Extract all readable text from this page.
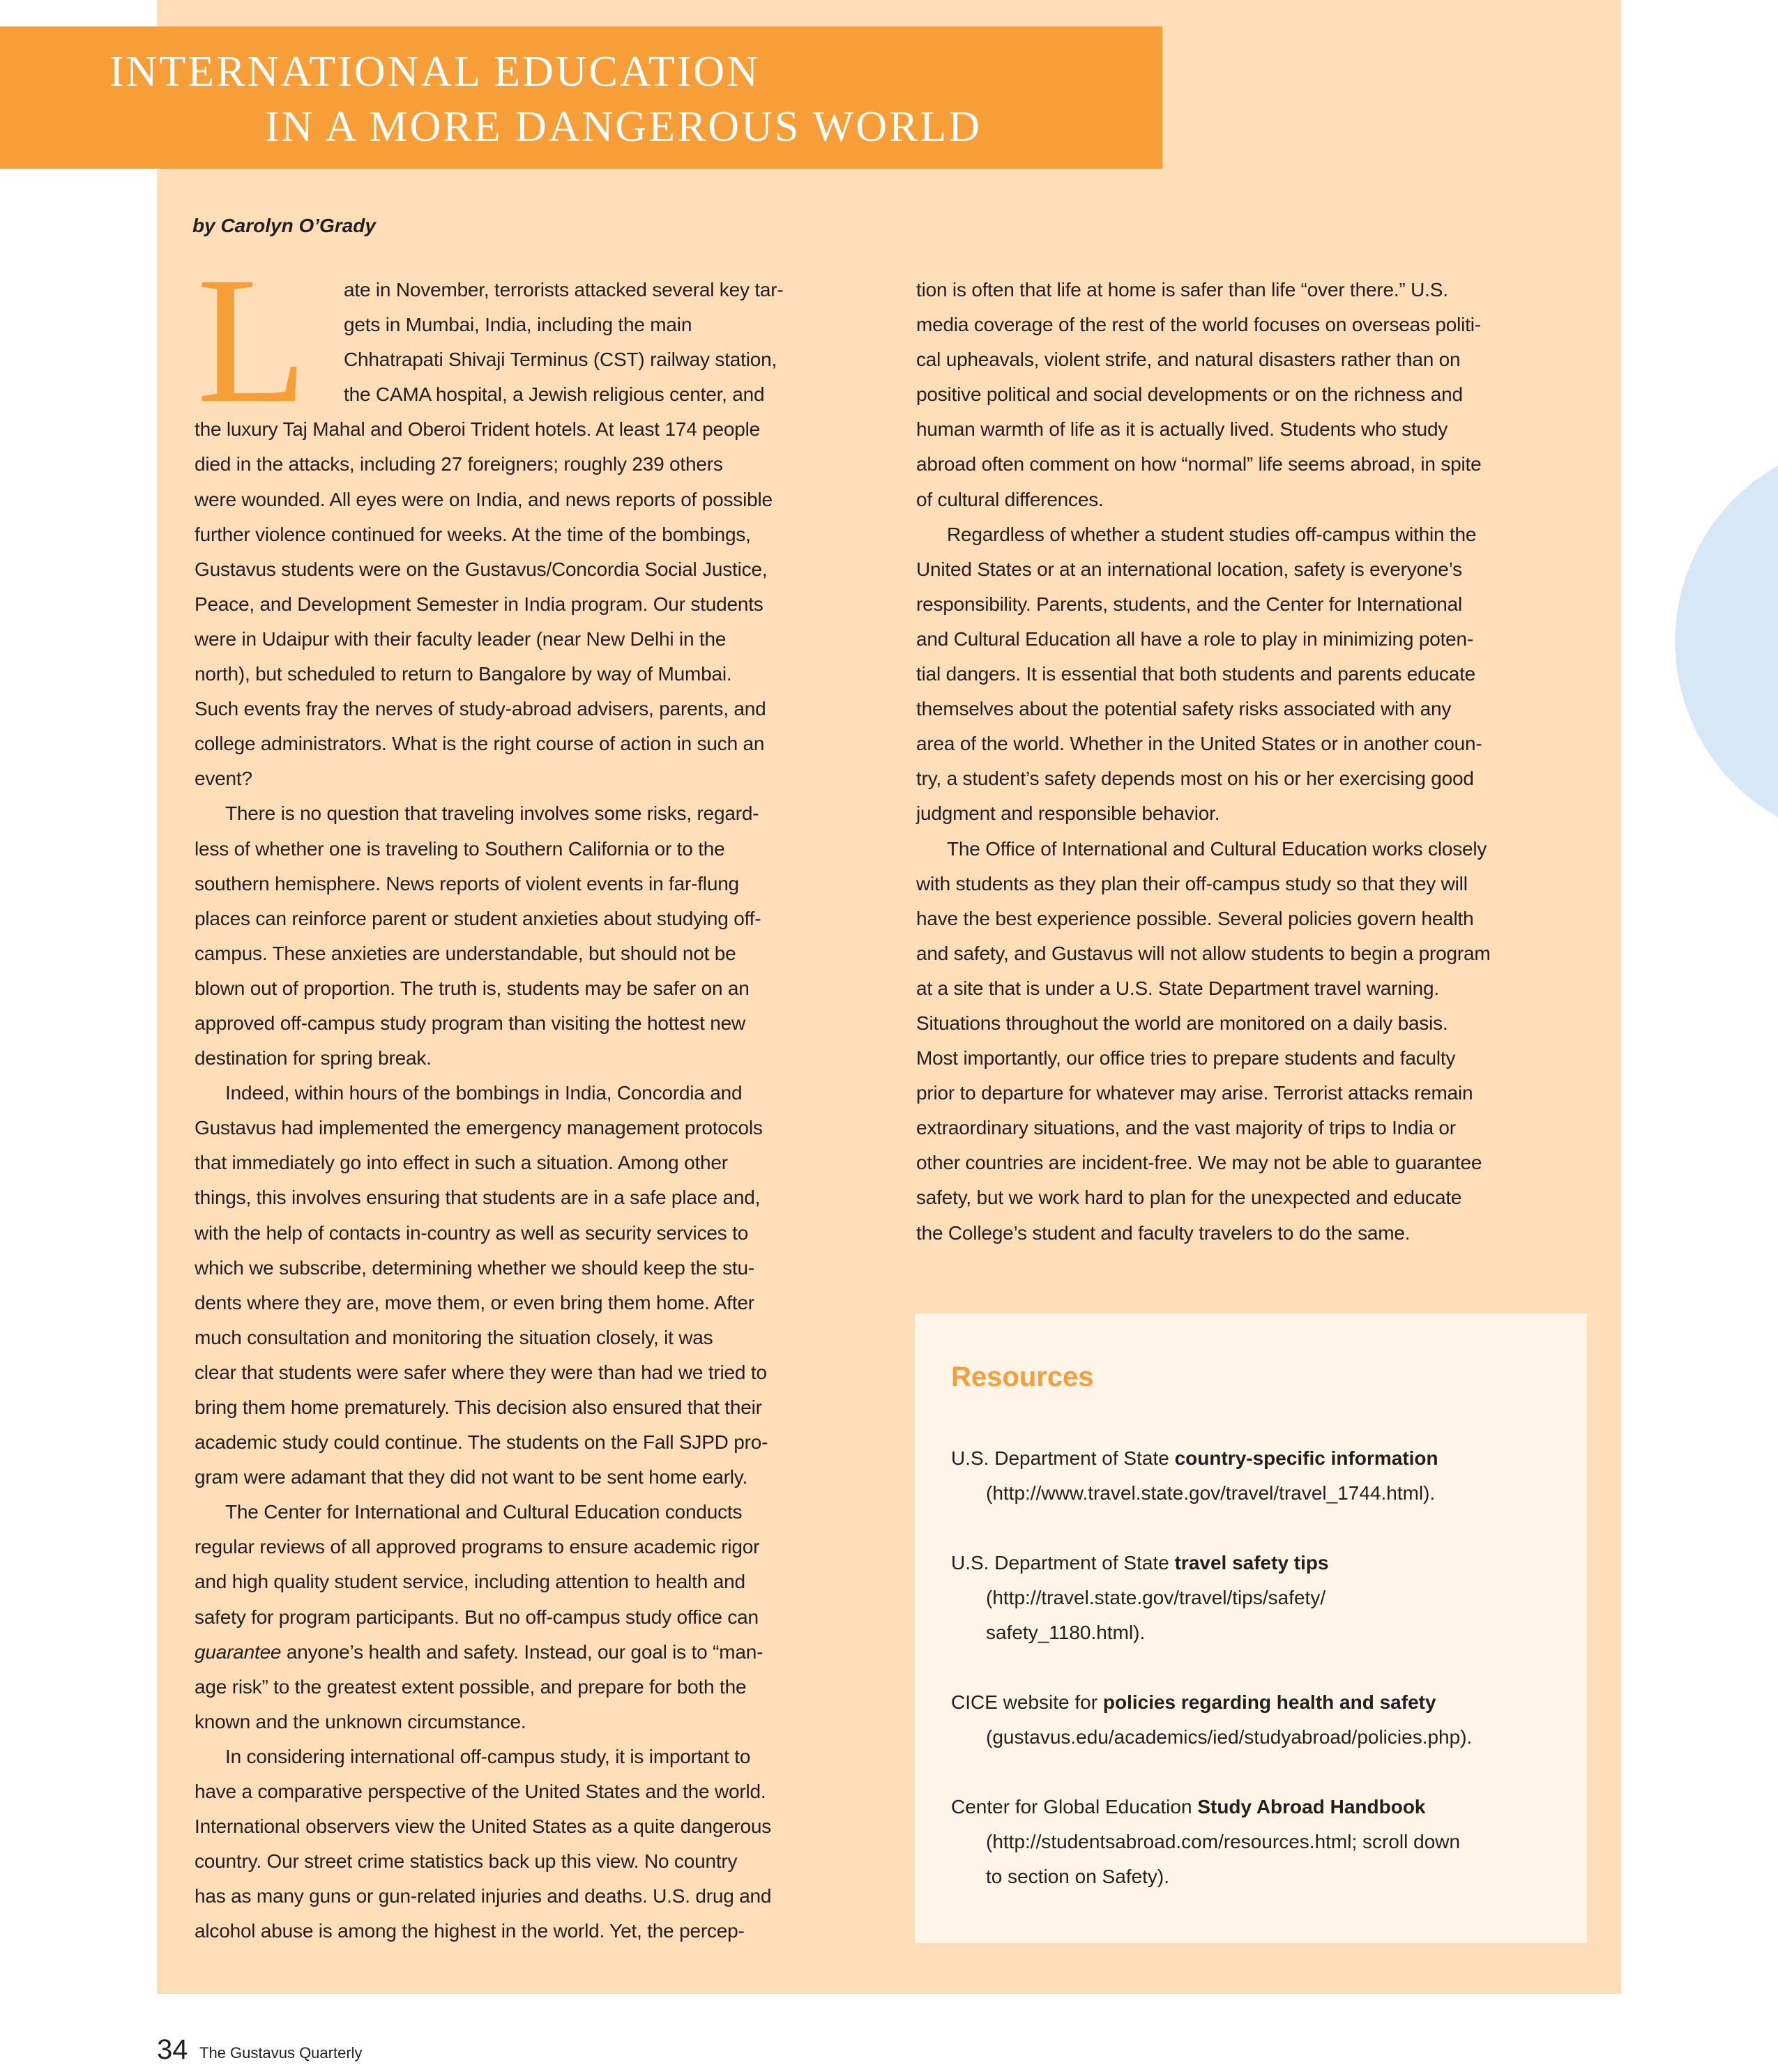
INTERNATIONAL EDUCATION
IN A MORE DANGEROUS WORLD
by Carolyn O’Grady
L	ate in November, terrorists attacked several key tar-
gets in Mumbai, India, including the main
Chhatrapati Shivaji Terminus (CST) railway station,
the CAMA hospital, a Jewish religious center, and
the luxury Taj Mahal and Oberoi Trident hotels. At least 174 people
died in the attacks, including 27 foreigners; roughly 239 others
were wounded. All eyes were on India, and news reports of possible
further violence continued for weeks. At the time of the bombings,
Gustavus students were on the Gustavus/Concordia Social Justice,
Peace, and Development Semester in India program. Our students
were in Udaipur with their faculty leader (near New Delhi in the
north), but scheduled to return to Bangalore by way of Mumbai.
Such events fray the nerves of study-abroad advisers, parents, and
college administrators. What is the right course of action in such an
event?
There is no question that traveling involves some risks, regard-
less of whether one is traveling to Southern California or to the
southern hemisphere. News reports of violent events in far-flung
places can reinforce parent or student anxieties about studying off-
campus. These anxieties are understandable, but should not be
blown out of proportion. The truth is, students may be safer on an
approved off-campus study program than visiting the hottest new
destination for spring break.
Indeed, within hours of the bombings in India, Concordia and
Gustavus had implemented the emergency management protocols
that immediately go into effect in such a situation. Among other
things, this involves ensuring that students are in a safe place and,
with the help of contacts in-country as well as security services to
which we subscribe, determining whether we should keep the stu-
dents where they are, move them, or even bring them home. After
much consultation and monitoring the situation closely, it was
clear that students were safer where they were than had we tried to
bring them home prematurely. This decision also ensured that their
academic study could continue. The students on the Fall SJPD pro-
gram were adamant that they did not want to be sent home early.
The Center for International and Cultural Education conducts
regular reviews of all approved programs to ensure academic rigor
and high quality student service, including attention to health and
safety for program participants. But no off-campus study office can
guarantee anyone’s health and safety. Instead, our goal is to “man-
age risk” to the greatest extent possible, and prepare for both the
known and the unknown circumstance.
In considering international off-campus study, it is important to
have a comparative perspective of the United States and the world.
International observers view the United States as a quite dangerous
country. Our street crime statistics back up this view. No country
has as many guns or gun-related injuries and deaths. U.S. drug and
alcohol abuse is among the highest in the world. Yet, the percep-
tion is often that life at home is safer than life “over there.” U.S.
media coverage of the rest of the world focuses on overseas politi-
cal upheavals, violent strife, and natural disasters rather than on
positive political and social developments or on the richness and
human warmth of life as it is actually lived. Students who study
abroad often comment on how “normal” life seems abroad, in spite
of cultural differences.
Regardless of whether a student studies off-campus within the
United States or at an international location, safety is everyone’s
responsibility. Parents, students, and the Center for International
and Cultural Education all have a role to play in minimizing poten-
tial dangers. It is essential that both students and parents educate
themselves about the potential safety risks associated with any
area of the world. Whether in the United States or in another coun-
try, a student’s safety depends most on his or her exercising good
judgment and responsible behavior.
The Office of International and Cultural Education works closely
with students as they plan their off-campus study so that they will
have the best experience possible. Several policies govern health
and safety, and Gustavus will not allow students to begin a program
at a site that is under a U.S. State Department travel warning.
Situations throughout the world are monitored on a daily basis.
Most importantly, our office tries to prepare students and faculty
prior to departure for whatever may arise. Terrorist attacks remain
extraordinary situations, and the vast majority of trips to India or
other countries are incident-free. We may not be able to guarantee
safety, but we work hard to plan for the unexpected and educate
the College’s student and faculty travelers to do the same.
Resources
U.S. Department of State country-specific information
(http://www.travel.state.gov/travel/travel_1744.html).
U.S. Department of State travel safety tips
(http://travel.state.gov/travel/tips/safety/
safety_1180.html).
CICE website for policies regarding health and safety
(gustavus.edu/academics/ied/studyabroad/policies.php).
Center for Global Education Study Abroad Handbook
(http://studentsabroad.com/resources.html; scroll down
to section on Safety).
34 The Gustavus Quarterly
